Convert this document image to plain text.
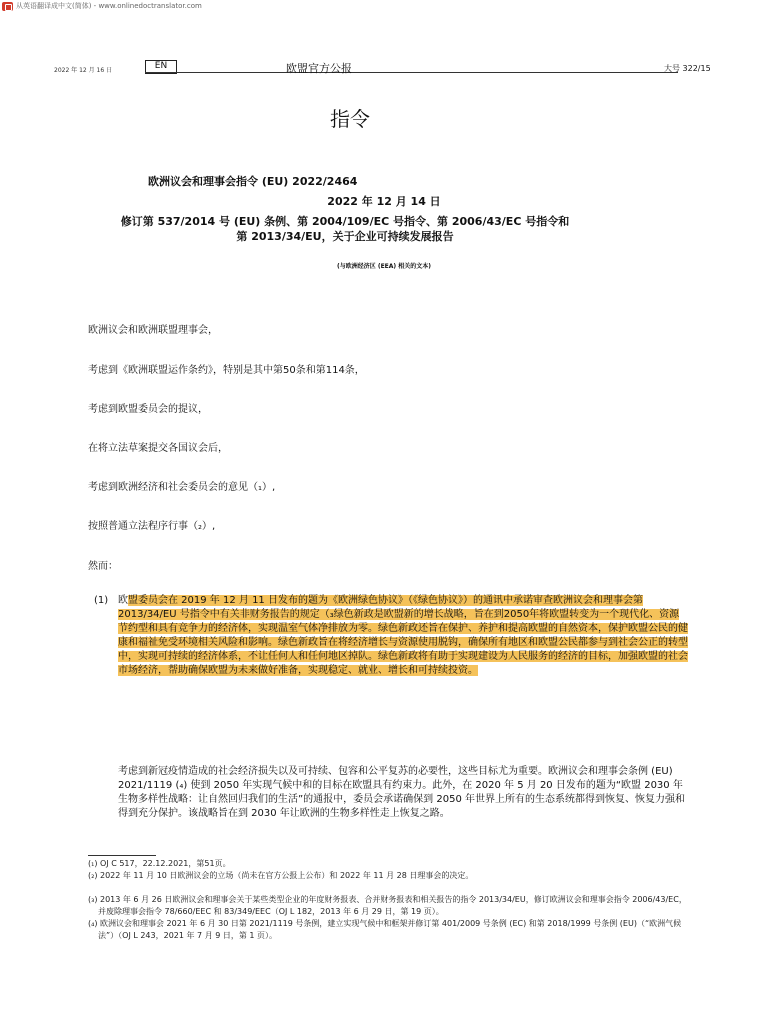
从英语翻译成中文(简体) - www.onlinedoctranslator.com
2022 年 12 月 16 日	EN	欧盟官方公报	大号 322/15
指令
欧洲议会和理事会指令 (EU) 2022/2464
2022 年 12 月 14 日
修订第 537/2014 号 (EU) 条例、第 2004/109/EC 号指令、第 2006/43/EC 号指令和第 2013/34/EU，关于企业可持续发展报告
(与欧洲经济区 (EEA) 相关的文本)
欧洲议会和欧洲联盟理事会，
考虑到《欧洲联盟运作条约》，特别是其中第50条和第114条，
考虑到欧盟委员会的提议，
在将立法草案提交各国议会后，
考虑到欧洲经济和社会委员会的意见（₁）,
按照普通立法程序行事（₂）,
然而：
(1) 欧盟委员会在 2019 年 12 月 11 日发布的题为《欧洲绿色协议》（《绿色协议》）的通讯中承诺审查欧洲议会和理事会第 2013/34/EU 号指令中有关非财务报告的规定（₃绿色新政是欧盟新的增长战略，旨在到2050年将欧盟转变为一个现代化、资源节约型和具有竞争力的经济体，实现温室气体净排放为零。绿色新政还旨在保护、养护和提高欧盟的自然资本，保护欧盟公民的健康和福祉免受环境相关风险和影响。绿色新政旨在将经济增长与资源使用脱钩，确保所有地区和欧盟公民都参与到社会公正的转型中，实现可持续的经济体系，不让任何人和任何地区掉队。绿色新政将有助于实现建设为人民服务的经济的目标，加强欧盟的社会市场经济，帮助确保欧盟为未来做好准备，实现稳定、就业、增长和可持续投资。
考虑到新冠疫情造成的社会经济损失以及可持续、包容和公平复苏的必要性，这些目标尤为重要。欧洲议会和理事会条例 (EU) 2021/1119 (₄) 使到 2050 年实现气候中和的目标在欧盟具有约束力。此外，在 2020 年 5 月 20 日发布的题为“欧盟 2030 年生物多样性战略：让自然回归我们的生活”的通报中，委员会承诺确保到 2050 年世界上所有的生态系统都得到恢复、恢复力强和得到充分保护。该战略旨在到 2030 年让欧洲的生物多样性走上恢复之路。
(₁) OJ C 517，22.12.2021，第51页。
(₂) 2022 年 11 月 10 日欧洲议会的立场（尚未在官方公报上公布）和 2022 年 11 月 28 日理事会的决定。
(₃) 2013 年 6 月 26 日欧洲议会和理事会关于某些类型企业的年度财务报表、合并财务报表和相关报告的指令 2013/34/EU，修订欧洲议会和理事会指令 2006/43/EC，并废除理事会指令 78/660/EEC 和 83/349/EEC（OJ L 182，2013 年 6 月 29 日，第 19 页）。
(₄) 欧洲议会和理事会 2021 年 6 月 30 日第 2021/1119 号条例，建立实现气候中和框架并修订第 401/2009 号条例 (EC) 和第 2018/1999 号条例 (EU)（“欧洲气候法”）（OJ L 243，2021 年 7 月 9 日，第 1 页）。
